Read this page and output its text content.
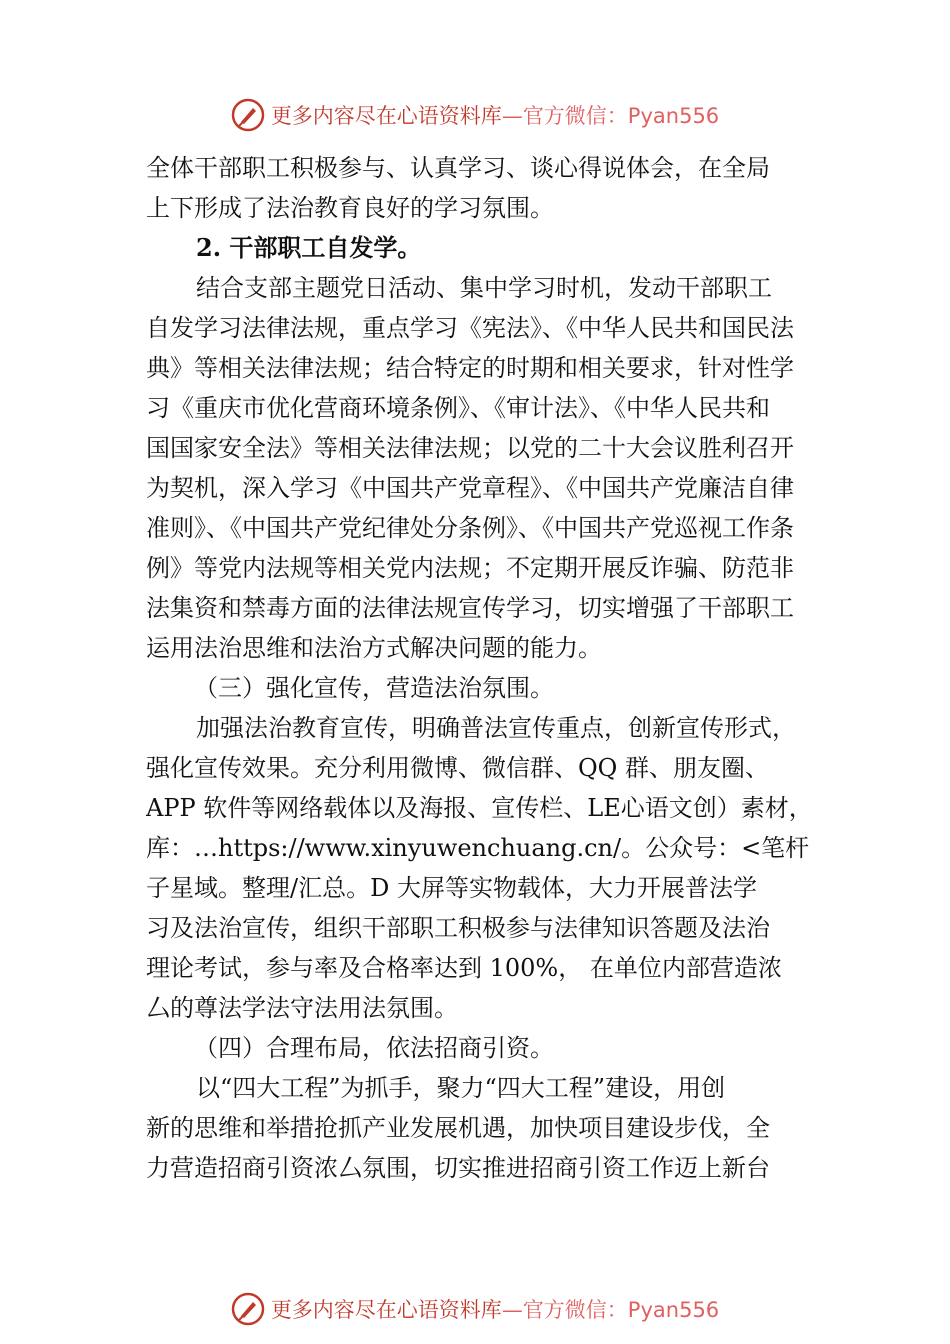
更多内容尽在心语资料库—官方微信：Pyan556
全体干部职工积极参与、认真学习、谈心得说体会，在全局
上下形成了法治教育良好的学习氛围。
2. 干部职工自发学。
结合支部主题党日活动、集中学习时机，发动干部职工
自发学习法律法规，重点学习《宪法》、《中华人民共和国民法
典》等相关法律法规；结合特定的时期和相关要求，针对性学
习《重庆市优化营商环境条例》、《审计法》、《中华人民共和
国国家安全法》等相关法律法规；以党的二十大会议胜利召开
为契机，深入学习《中国共产党章程》、《中国共产党廉洁自律
准则》、《中国共产党纪律处分条例》、《中国共产党巡视工作条
例》等党内法规等相关党内法规；不定期开展反诈骗、防范非
法集资和禁毒方面的法律法规宣传学习，切实增强了干部职工
运用法治思维和法治方式解决问题的能力。
（三）强化宣传，营造法治氛围。
加强法治教育宣传，明确普法宣传重点，创新宣传形式，
强化宣传效果。充分利用微博、微信群、QQ 群、朋友圈、
APP 软件等网络载体以及海报、宣传栏、LE心语文创）素材，
库：…https://www.xinyuwenchuang.cn/。公众号：<笔杆
子星域。整理/汇总。D 大屏等实物载体，大力开展普法学
习及法治宣传，组织干部职工积极参与法律知识答题及法治
理论考试，参与率及合格率达到 100%， 在单位内部营造浓
厶的尊法学法守法用法氛围。
（四）合理布局，依法招商引资。
以“四大工程”为抓手，聚力“四大工程”建设，用创
新的思维和举措抢抓产业发展机遇，加快项目建设步伐，全
力营造招商引资浓厶氛围，切实推进招商引资工作迈上新台
更多内容尽在心语资料库—官方微信：Pyan556
